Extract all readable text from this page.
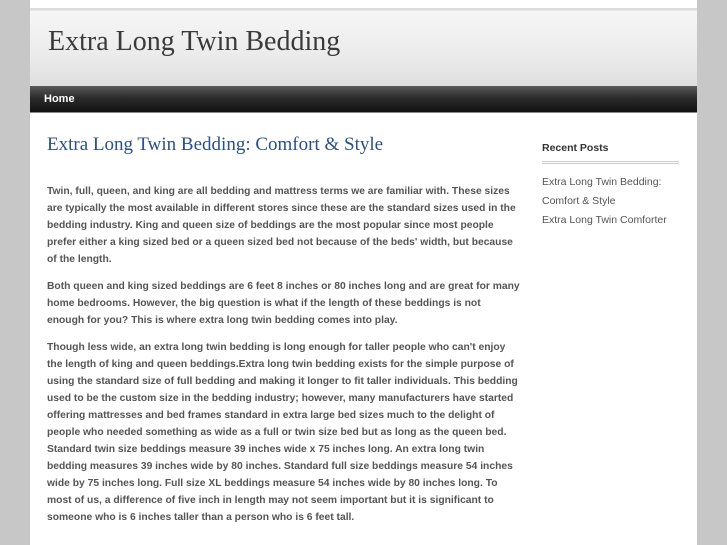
Extra Long Twin Bedding
Home
Extra Long Twin Bedding: Comfort & Style

Twin, full, queen, and king are all bedding and mattress terms we are familiar with. These sizes are typically the most available in different stores since these are the standard sizes used in the bedding industry. King and queen size of beddings are the most popular since most people prefer either a king sized bed or a queen sized bed not because of the beds' width, but because of the length.

Both queen and king sized beddings are 6 feet 8 inches or 80 inches long and are great for many home bedrooms. However, the big question is what if the length of these beddings is not enough for you? This is where extra long twin bedding comes into play.

Though less wide, an extra long twin bedding is long enough for taller people who can't enjoy the length of king and queen beddings.Extra long twin bedding exists for the simple purpose of using the standard size of full bedding and making it longer to fit taller individuals. This bedding used to be the custom size in the bedding industry; however, many manufacturers have started offering mattresses and bed frames standard in extra large bed sizes much to the delight of people who needed something as wide as a full or twin size bed but as long as the queen bed. Standard twin size beddings measure 39 inches wide x 75 inches long. An extra long twin bedding measures 39 inches wide by 80 inches. Standard full size beddings measure 54 inches wide by 75 inches long. Full size XL beddings measure 54 inches wide by 80 inches long. To most of us, a difference of five inch in length may not seem important but it is significant to someone who is 6 inches taller than a person who is 6 feet tall.

Recent Posts
Extra Long Twin Bedding: Comfort & Style
Extra Long Twin Comforter
